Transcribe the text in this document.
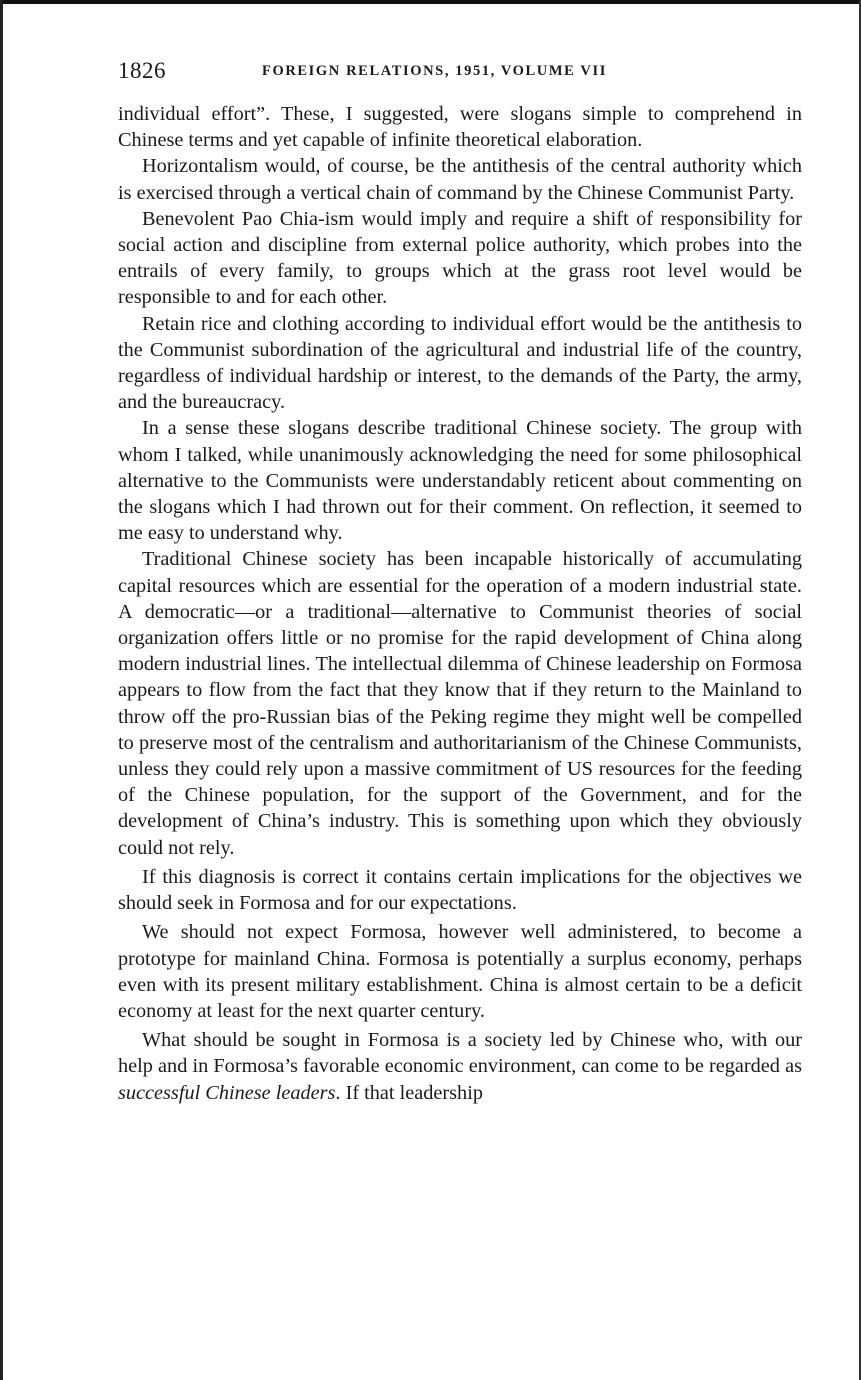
1826	FOREIGN RELATIONS, 1951, VOLUME VII

individual effort”. These, I suggested, were slogans simple to comprehend in Chinese terms and yet capable of infinite theoretical elaboration.

Horizontalism would, of course, be the antithesis of the central authority which is exercised through a vertical chain of command by the Chinese Communist Party.

Benevolent Pao Chia-ism would imply and require a shift of responsibility for social action and discipline from external police authority, which probes into the entrails of every family, to groups which at the grass root level would be responsible to and for each other.

Retain rice and clothing according to individual effort would be the antithesis to the Communist subordination of the agricultural and industrial life of the country, regardless of individual hardship or interest, to the demands of the Party, the army, and the bureaucracy.

In a sense these slogans describe traditional Chinese society. The group with whom I talked, while unanimously acknowledging the need for some philosophical alternative to the Communists were understandably reticent about commenting on the slogans which I had thrown out for their comment. On reflection, it seemed to me easy to understand why.

Traditional Chinese society has been incapable historically of accumulating capital resources which are essential for the operation of a modern industrial state. A democratic—or a traditional—alternative to Communist theories of social organization offers little or no promise for the rapid development of China along modern industrial lines. The intellectual dilemma of Chinese leadership on Formosa appears to flow from the fact that they know that if they return to the Mainland to throw off the pro-Russian bias of the Peking regime they might well be compelled to preserve most of the centralism and authoritarianism of the Chinese Communists, unless they could rely upon a massive commitment of US resources for the feeding of the Chinese population, for the support of the Government, and for the development of China’s industry. This is something upon which they obviously could not rely.

If this diagnosis is correct it contains certain implications for the objectives we should seek in Formosa and for our expectations.

We should not expect Formosa, however well administered, to become a prototype for mainland China. Formosa is potentially a surplus economy, perhaps even with its present military establishment. China is almost certain to be a deficit economy at least for the next quarter century.

What should be sought in Formosa is a society led by Chinese who, with our help and in Formosa’s favorable economic environment, can come to be regarded as successful Chinese leaders. If that leadership
